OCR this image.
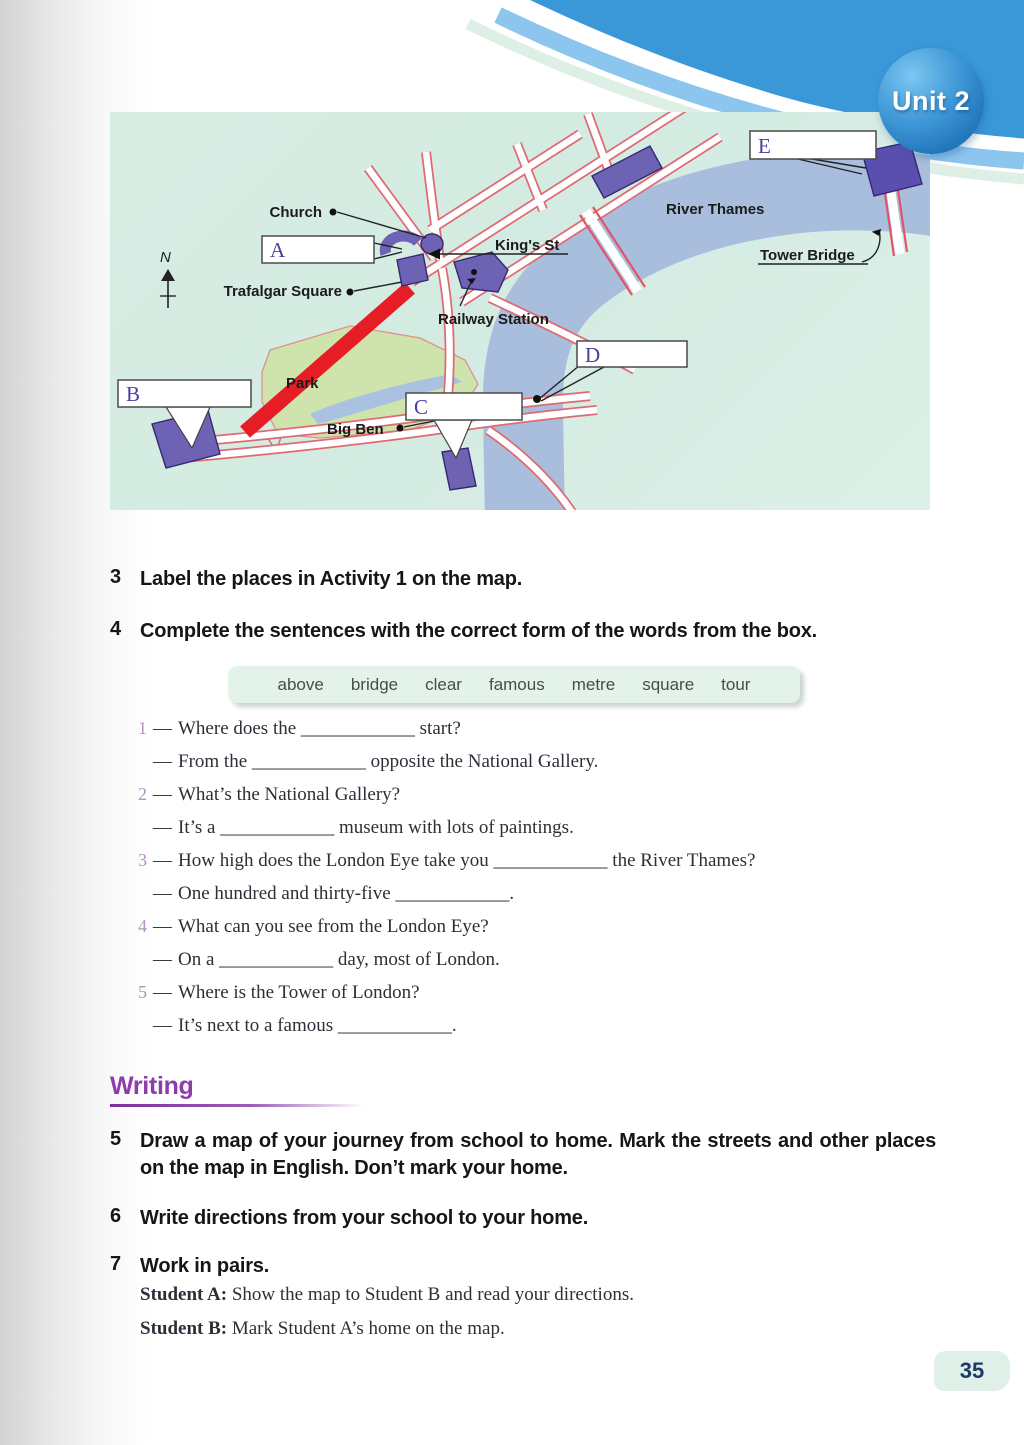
A
B
C
D
E
Church
King's St
River Thames
Tower Bridge
Trafalgar Square
Railway Station
Park
Big Ben
N
Unit 2
3 Label the places in Activity 1 on the map.
4 Complete the sentences with the correct form of the words from the box.
above bridge clear famous metre square tour
1 — Where does the ____________ start?
— From the ____________ opposite the National Gallery.
2 — What’s the National Gallery?
— It’s a ____________ museum with lots of paintings.
3 — How high does the London Eye take you ____________ the River Thames?
— One hundred and thirty-five ____________.
4 — What can you see from the London Eye?
— On a ____________ day, most of London.
5 — Where is the Tower of London?
— It’s next to a famous ____________.
Writing
5 Draw a map of your journey from school to home. Mark the streets and other places on the map in English. Don’t mark your home.
6 Write directions from your school to your home.
7 Work in pairs.
Student A: Show the map to Student B and read your directions.
Student B: Mark Student A’s home on the map.
35
